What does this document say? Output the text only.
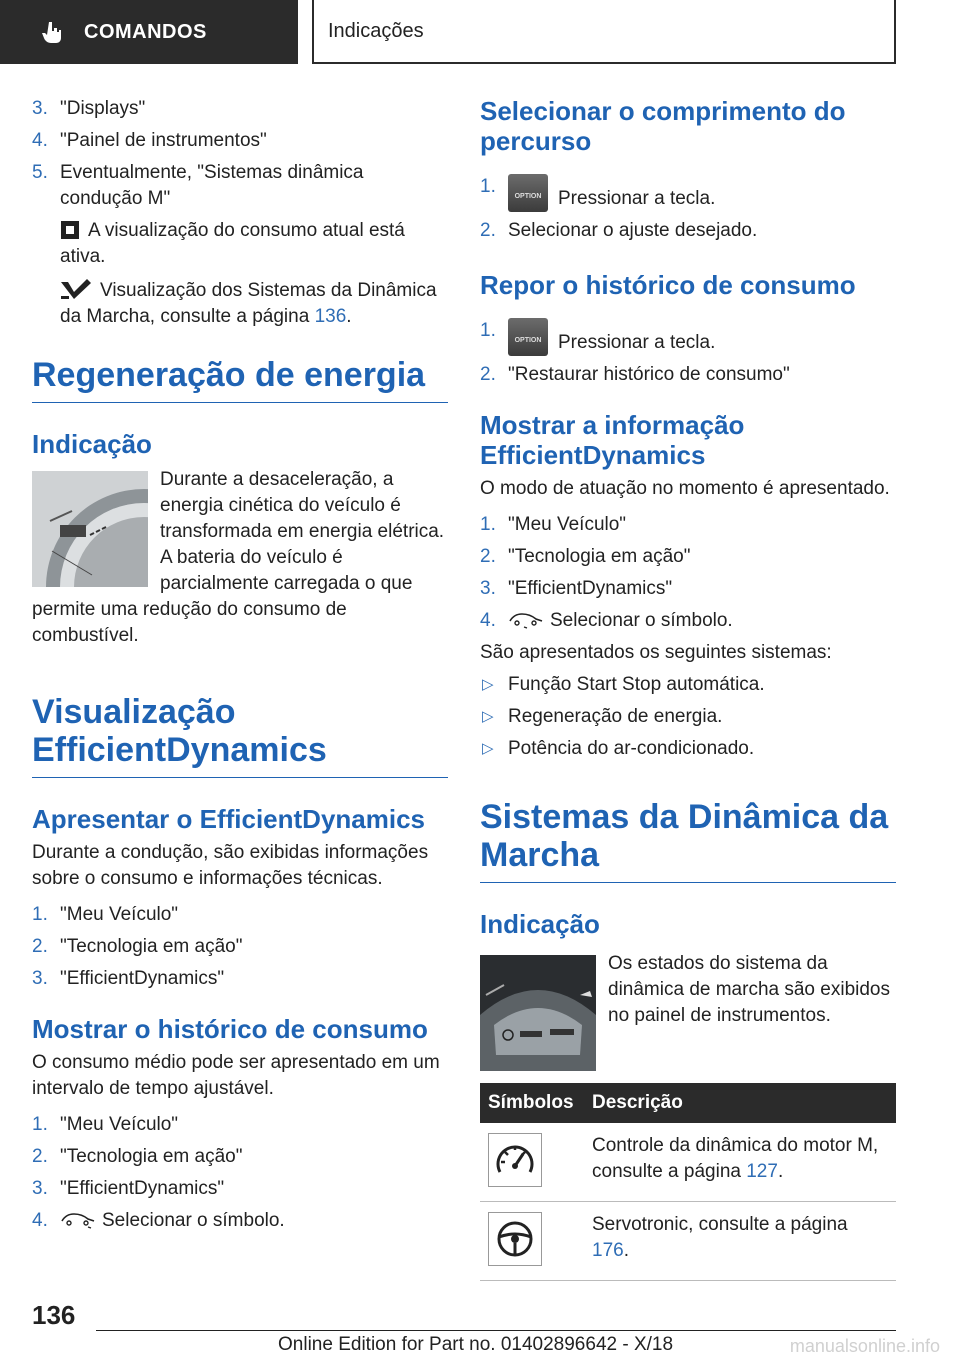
COMANDOS	Indicações
3. "Displays"
4. "Painel de instrumentos"
5. Eventualmente, "Sistemas dinâmica condução M"

A visualização do consumo atual está ativa.

Visualização dos Sistemas da Dinâmica da Marcha, consulte a página 136.

Regeneração de energia
Indicação

Durante a desaceleração, a energia cinética do veículo é transformada em energia elétrica. A bateria do veículo é parcialmente carregada o que permite uma redução do consumo de combustível.

Visualização EfficientDynamics
Apresentar o EfficientDynamics

Durante a condução, são exibidas informações sobre o consumo e informações técnicas.

1. "Meu Veículo"
2. "Tecnologia em ação"
3. "EfficientDynamics"
Mostrar o histórico de consumo

O consumo médio pode ser apresentado em um intervalo de tempo ajustável.

1. "Meu Veículo"
2. "Tecnologia em ação"
3. "EfficientDynamics"
4.	Selecionar o símbolo.
Selecionar o comprimento do percurso
1.	OPTION Pressionar a tecla.
2. Selecionar o ajuste desejado.
Repor o histórico de consumo
1.	OPTION Pressionar a tecla.
2. "Restaurar histórico de consumo"
Mostrar a informação EfficientDynamics

O modo de atuação no momento é apresentado.

1. "Meu Veículo"
2. "Tecnologia em ação"
3. "EfficientDynamics"
4.	Selecionar o símbolo.

São apresentados os seguintes sistemas:

▷ Função Start Stop automática.
▷ Regeneração de energia.
▷ Potência do ar-condicionado.
Sistemas da Dinâmica da Marcha
Indicação

Os estados do sistema da dinâmica de marcha são exibidos no painel de instrumentos.

Símbolos	Descrição

	Controle da dinâmica do motor M, consulte a página 127.

	Servotronic, consulte a página 176.
136
Online Edition for Part no. 01402896642 - X/18	manualsonline.info
